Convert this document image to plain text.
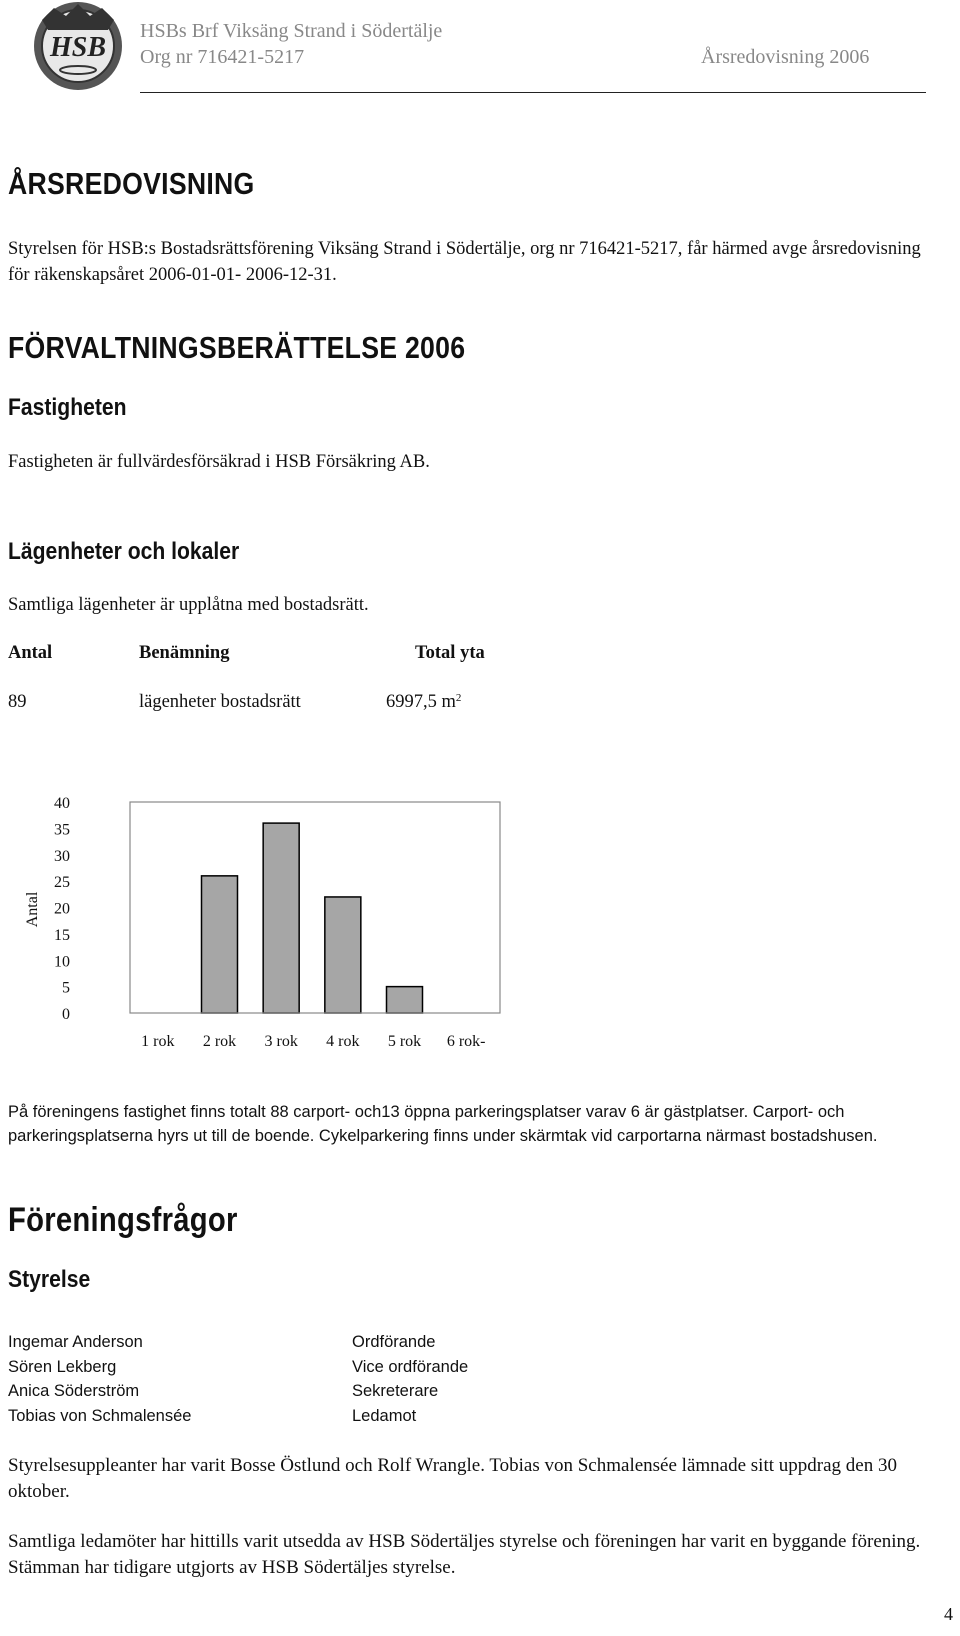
HSB
HSBs Brf Viksäng Strand i Södertälje
Org nr 716421-5217	Årsredovisning 2006
ÅRSREDOVISNING
Styrelsen för HSB:s Bostadsrättsförening Viksäng Strand i Södertälje, org nr 716421-5217, får härmed avge årsredovisning för räkenskapsåret 2006-01-01- 2006-12-31.
FÖRVALTNINGSBERÄTTELSE 2006
Fastigheten
Fastigheten är fullvärdesförsäkrad i HSB Försäkring AB.
Lägenheter och lokaler
Samtliga lägenheter är upplåtna med bostadsrätt.
Antal	Benämning	Total yta
89	lägenheter bostadsrätt	6997,5 $m^2$
0
5
10
15
20
25
30
35
40
1 rok 2 rok 3 rok 4 rok 5 rok 6 rok-
Antal
På föreningens fastighet finns totalt 88 carport- och13 öppna parkeringsplatser varav 6 är gästplatser. Carport- och parkeringsplatserna hyrs ut till de boende. Cykelparkering finns under skärmtak vid carportarna närmast bostadshusen.
Föreningsfrågor
Styrelse
Ingemar Anderson	Ordförande
Sören Lekberg	Vice ordförande
Anica Söderström	Sekreterare
Tobias von Schmalensée	Ledamot
Styrelsesuppleanter har varit Bosse Östlund och Rolf Wrangle. Tobias von Schmalensée lämnade sitt uppdrag den 30 oktober.
Samtliga ledamöter har hittills varit utsedda av HSB Södertäljes styrelse och föreningen har varit en byggande förening. Stämman har tidigare utgjorts av HSB Södertäljes styrelse.
4
